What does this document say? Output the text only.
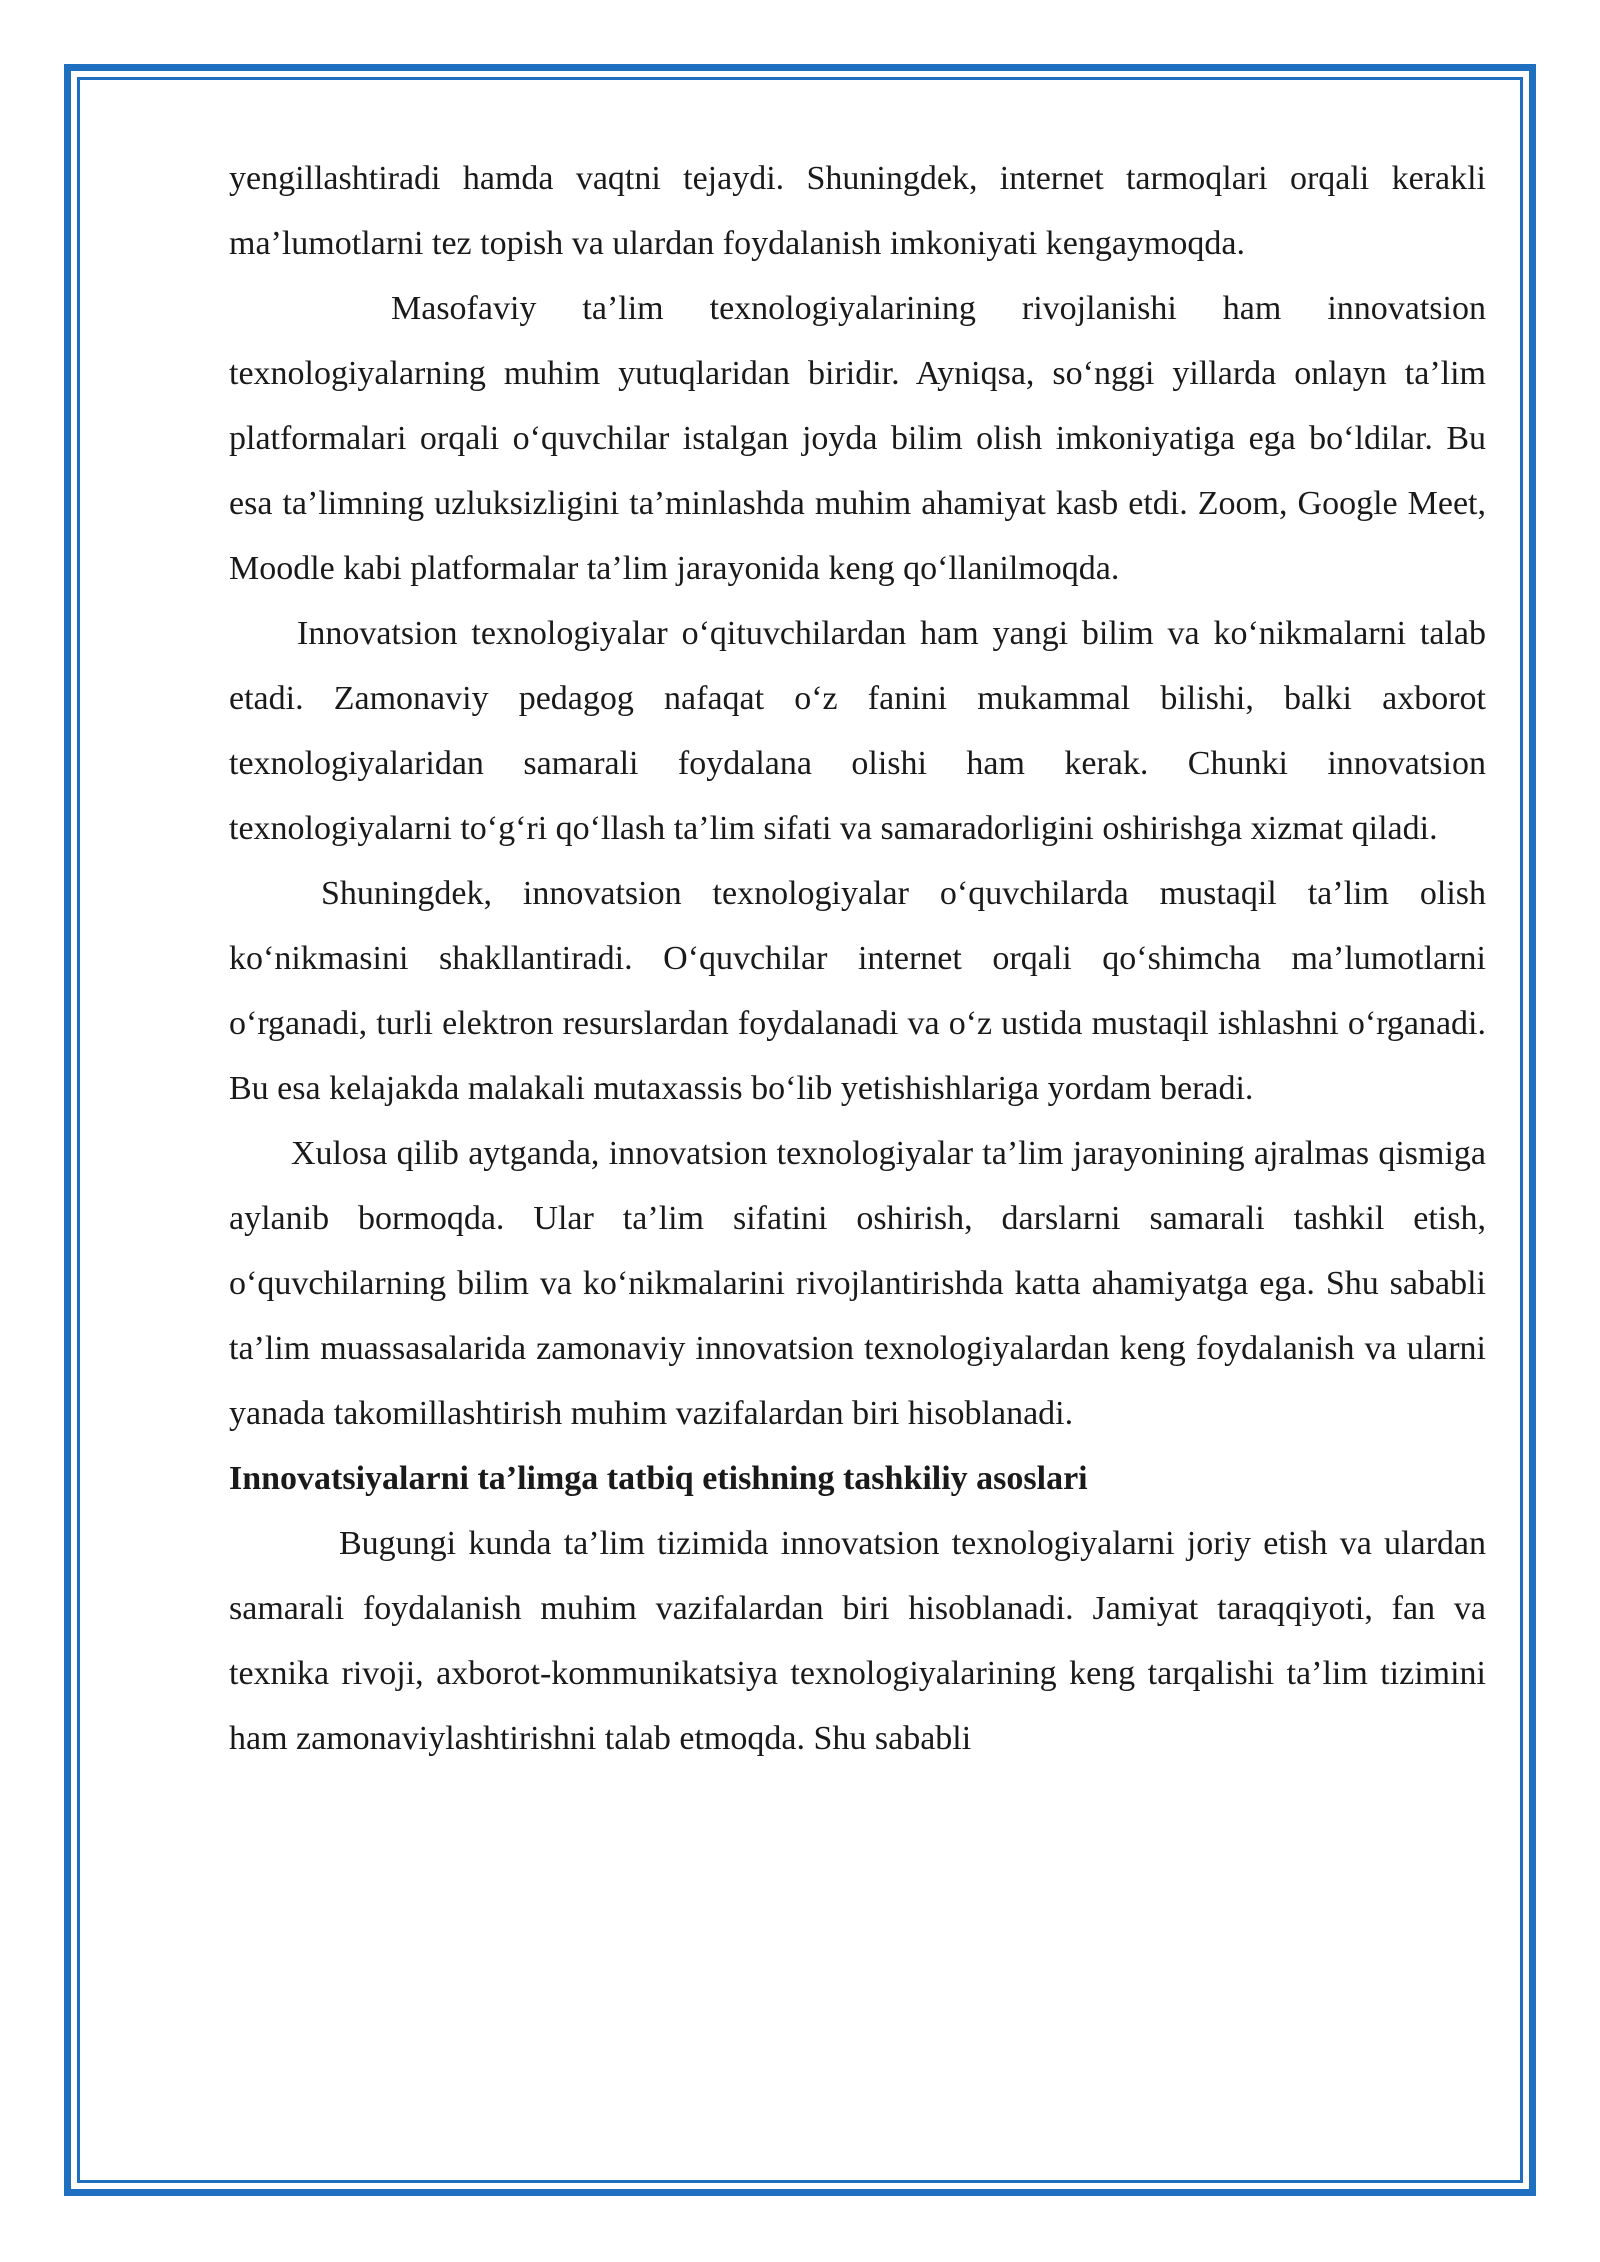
yengillashtiradi hamda vaqtni tejaydi. Shuningdek, internet tarmoqlari orqali kerakli ma’lumotlarni tez topish va ulardan foydalanish imkoniyati kengaymoqda.

Masofaviy ta’lim texnologiyalarining rivojlanishi ham innovatsion texnologiyalarning muhim yutuqlaridan biridir. Ayniqsa, so‘nggi yillarda onlayn ta’lim platformalari orqali o‘quvchilar istalgan joyda bilim olish imkoniyatiga ega bo‘ldilar. Bu esa ta’limning uzluksizligini ta’minlashda muhim ahamiyat kasb etdi. Zoom, Google Meet, Moodle kabi platformalar ta’lim jarayonida keng qo‘llanilmoqda.

Innovatsion texnologiyalar o‘qituvchilardan ham yangi bilim va ko‘nikmalarni talab etadi. Zamonaviy pedagog nafaqat o‘z fanini mukammal bilishi, balki axborot texnologiyalaridan samarali foydalana olishi ham kerak. Chunki innovatsion texnologiyalarni to‘g‘ri qo‘llash ta’lim sifati va samaradorligini oshirishga xizmat qiladi.

Shuningdek, innovatsion texnologiyalar o‘quvchilarda mustaqil ta’lim olish ko‘nikmasini shakllantiradi. O‘quvchilar internet orqali qo‘shimcha ma’lumotlarni o‘rganadi, turli elektron resurslardan foydalanadi va o‘z ustida mustaqil ishlashni o‘rganadi. Bu esa kelajakda malakali mutaxassis bo‘lib yetishishlariga yordam beradi.

Xulosa qilib aytganda, innovatsion texnologiyalar ta’lim jarayonining ajralmas qismiga aylanib bormoqda. Ular ta’lim sifatini oshirish, darslarni samarali tashkil etish, o‘quvchilarning bilim va ko‘nikmalarini rivojlantirishda katta ahamiyatga ega. Shu sababli ta’lim muassasalarida zamonaviy innovatsion texnologiyalardan keng foydalanish va ularni yanada takomillashtirish muhim vazifalardan biri hisoblanadi.

Innovatsiyalarni ta’limga tatbiq etishning tashkiliy asoslari

Bugungi kunda ta’lim tizimida innovatsion texnologiyalarni joriy etish va ulardan samarali foydalanish muhim vazifalardan biri hisoblanadi. Jamiyat taraqqiyoti, fan va texnika rivoji, axborot-kommunikatsiya texnologiyalarining keng tarqalishi ta’lim tizimini ham zamonaviylashtirishni talab etmoqda. Shu sababli
